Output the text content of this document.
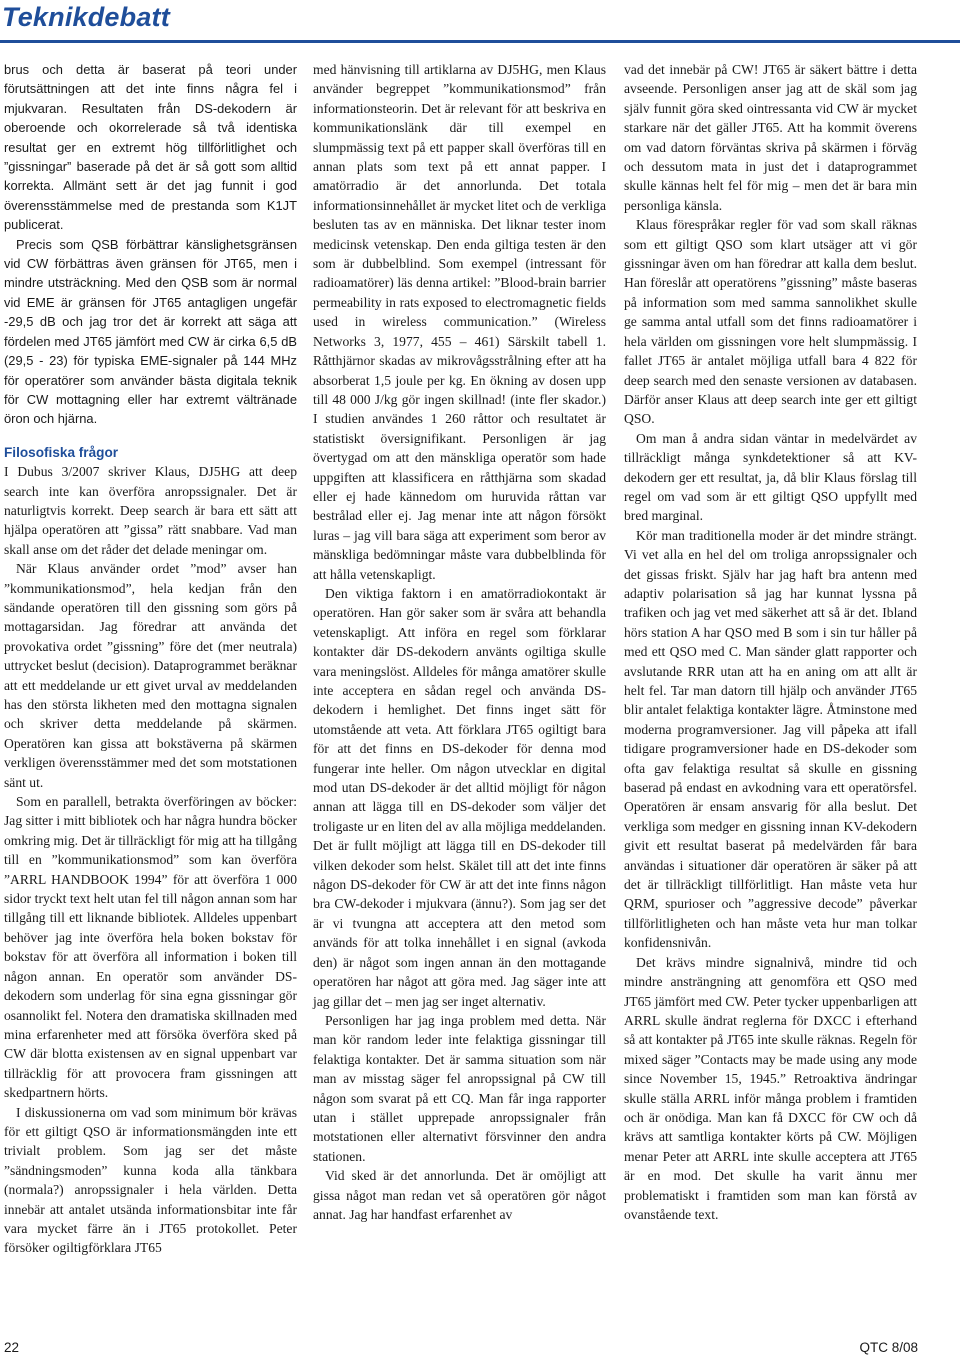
Teknikdebatt

brus och detta är baserat på teori under förutsättningen att det inte finns några fel i mjukvaran. Resultaten från DS-dekodern är oberoende och okorrelerade så två identiska resultat ger en extremt hög tillförlitlighet och ”gissningar” baserade på det är så gott som alltid korrekta. Allmänt sett är det jag funnit i god överensstämmelse med de prestanda som K1JT publicerat.

Precis som QSB förbättrar känslighetsgränsen vid CW förbättras även gränsen för JT65, men i mindre utsträckning. Med den QSB som är normal vid EME är gränsen för JT65 antagligen ungefär -29,5 dB och jag tror det är korrekt att säga att fördelen med JT65 jämfört med CW är cirka 6,5 dB (29,5 - 23) för typiska EME-signaler på 144 MHz för operatörer som använder bästa digitala teknik för CW mottagning eller har extremt vältränade öron och hjärna.

Filosofiska frågor

I Dubus 3/2007 skriver Klaus, DJ5HG att deep search inte kan överföra anropssignaler. Det är naturligtvis korrekt. Deep search är bara ett sätt att hjälpa operatören att ”gissa” rätt snabbare. Vad man skall anse om det råder det delade meningar om.

När Klaus använder ordet ”mod” avser han ”kommunikationsmod”, hela kedjan från den sändande operatören till den gissning som görs på mottagarsidan. Jag föredrar att använda det provokativa ordet ”gissning” före det (mer neutrala) uttrycket beslut (decision). Dataprogrammet beräknar att ett meddelande ur ett givet urval av meddelanden has den största likheten med den mottagna signalen och skriver detta meddelande på skärmen. Operatören kan gissa att bokstäverna på skärmen verkligen överensstämmer med det som motstationen sänt ut.

Som en parallell, betrakta överföringen av böcker: Jag sitter i mitt bibliotek och har några hundra böcker omkring mig. Det är tillräckligt för mig att ha tillgång till en ”kommunikationsmod” som kan överföra ”ARRL HANDBOOK 1994” för att överföra 1 000 sidor tryckt text helt utan fel till någon annan som har tillgång till ett liknande bibliotek. Alldeles uppenbart behöver jag inte överföra hela boken bokstav för bokstav för att överföra all information i boken till någon annan. En operatör som använder DS-dekodern som underlag för sina egna gissningar gör osannolikt fel. Notera den dramatiska skillnaden med mina erfarenheter med att försöka överföra sked på CW där blotta existensen av en signal uppenbart var tillräcklig för att provocera fram gissningen att skedpartnern hörts.

I diskussionerna om vad som minimum bör krävas för ett giltigt QSO är informationsmängden inte ett trivialt problem. Som jag ser det måste ”sändningsmoden” kunna koda alla tänkbara (normala?) anropssignaler i hela världen. Detta innebär att antalet utsända informationsbitar inte får vara mycket färre än i JT65 protokollet. Peter försöker ogiltigförklara JT65

med hänvisning till artiklarna av DJ5HG, men Klaus använder begreppet ”kommunikationsmod” från informationsteorin. Det är relevant för att beskriva en kommunikationslänk där till exempel en slumpmässig text på ett papper skall överföras till en annan plats som text på ett annat papper. I amatörradio är det annorlunda. Det totala informationsinnehållet är mycket litet och de verkliga besluten tas av en människa. Det liknar tester inom medicinsk vetenskap. Den enda giltiga testen är den som är dubbelblind. Som exempel (intressant för radioamatörer) läs denna artikel: ”Blood-brain barrier permeability in rats exposed to electromagnetic fields used in wireless communication.” (Wireless Networks 3, 1977, 455 – 461) Särskilt tabell 1. Råtthjärnor skadas av mikrovågsstrålning efter att ha absorberat 1,5 joule per kg. En ökning av dosen upp till 48 000 J/kg gör ingen skillnad! (inte fler skador.) I studien användes 1 260 råttor och resultatet är statistiskt översignifikant. Personligen är jag övertygad om att den mänskliga operatör som hade uppgiften att klassificera en råtthjärna som skadad eller ej hade kännedom om huruvida råttan var bestrålad eller ej. Jag menar inte att någon försökt luras – jag vill bara säga att experiment som beror av mänskliga bedömningar måste vara dubbelblinda för att hålla vetenskapligt.

Den viktiga faktorn i en amatörradiokontakt är operatören. Han gör saker som är svåra att behandla vetenskapligt. Att införa en regel som förklarar kontakter där DS-dekodern använts ogiltiga skulle vara meningslöst. Alldeles för många amatörer skulle inte acceptera en sådan regel och använda DS-dekodern i hemlighet. Det finns inget sätt för utomstående att veta. Att förklara JT65 ogiltigt bara för att det finns en DS-dekoder för denna mod fungerar inte heller. Om någon utvecklar en digital mod utan DS-dekoder är det alltid möjligt för någon annan att lägga till en DS-dekoder som väljer det troligaste ur en liten del av alla möjliga meddelanden. Det är fullt möjligt att lägga till en DS-dekoder till vilken dekoder som helst. Skälet till att det inte finns någon DS-dekoder för CW är att det inte finns någon bra CW-dekoder i mjukvara (ännu?). Som jag ser det är vi tvungna att acceptera att den metod som används för att tolka innehållet i en signal (avkoda den) är något som ingen annan än den mottagande operatören har något att göra med. Jag säger inte att jag gillar det – men jag ser inget alternativ.

Personligen har jag inga problem med detta. När man kör random leder inte felaktiga gissningar till felaktiga kontakter. Det är samma situation som när man av misstag säger fel anropssignal på CW till någon som svarat på ett CQ. Man får inga rapporter utan i stället upprepade anropssignaler från motstationen eller alternativt försvinner den andra stationen.

Vid sked är det annorlunda. Det är omöjligt att gissa något man redan vet så operatören gör något annat. Jag har handfast erfarenhet av

vad det innebär på CW! JT65 är säkert bättre i detta avseende. Personligen anser jag att de skäl som jag själv funnit göra sked ointressanta vid CW är mycket starkare när det gäller JT65. Att ha kommit överens om vad datorn förväntas skriva på skärmen i förväg och dessutom mata in just det i dataprogrammet skulle kännas helt fel för mig – men det är bara min personliga känsla.

Klaus förespråkar regler för vad som skall räknas som ett giltigt QSO som klart utsäger att vi gör gissningar även om han föredrar att kalla dem beslut. Han föreslår att operatörens ”gissning” måste baseras på information som med samma sannolikhet skulle ge samma antal utfall som det finns radioamatörer i hela världen om gissningen vore helt slumpmässig. I fallet JT65 är antalet möjliga utfall bara 4 822 för deep search med den senaste versionen av databasen. Därför anser Klaus att deep search inte ger ett giltigt QSO.

Om man å andra sidan väntar in medelvärdet av tillräckligt många synkdetektioner så att KV-dekodern ger ett resultat, ja, då blir Klaus förslag till regel om vad som är ett giltigt QSO uppfyllt med bred marginal.

Kör man traditionella moder är det mindre strängt. Vi vet alla en hel del om troliga anropssignaler och det gissas friskt. Själv har jag haft bra antenn med adaptiv polarisation så jag har kunnat lyssna på trafiken och jag vet med säkerhet att så är det. Ibland hörs station A har QSO med B som i sin tur håller på med ett QSO med C. Man sänder glatt rapporter och avslutande RRR utan att ha en aning om att allt är helt fel. Tar man datorn till hjälp och använder JT65 blir antalet felaktiga kontakter lägre. Åtminstone med moderna programversioner. Jag vill påpeka att ifall tidigare programversioner hade en DS-dekoder som ofta gav felaktiga resultat så skulle en gissning baserad på endast en avkodning vara ett operatörsfel. Operatören är ensam ansvarig för alla beslut. Det verkliga som medger en gissning innan KV-dekodern givit ett resultat baserat på medelvärden får bara användas i situationer där operatören är säker på att det är tillräckligt tillförlitligt. Han måste veta hur QRM, spurioser och ”aggressive decode” påverkar tillförlitligheten och han måste veta hur man tolkar konfidensnivån.

Det krävs mindre signalnivå, mindre tid och mindre ansträngning att genomföra ett QSO med JT65 jämfört med CW. Peter tycker uppenbarligen att ARRL skulle ändrat reglerna för DXCC i efterhand så att kontakter på JT65 inte skulle räknas. Regeln för mixed säger ”Contacts may be made using any mode since November 15, 1945.” Retroaktiva ändringar skulle ställa ARRL inför många problem i framtiden och är onödiga. Man kan få DXCC för CW och då krävs att samtliga kontakter körts på CW. Möjligen menar Peter att ARRL inte skulle acceptera att JT65 är en mod. Det skulle ha varit ännu mer problematiskt i framtiden som man kan förstå av ovanstående text.

22	QTC 8/08
